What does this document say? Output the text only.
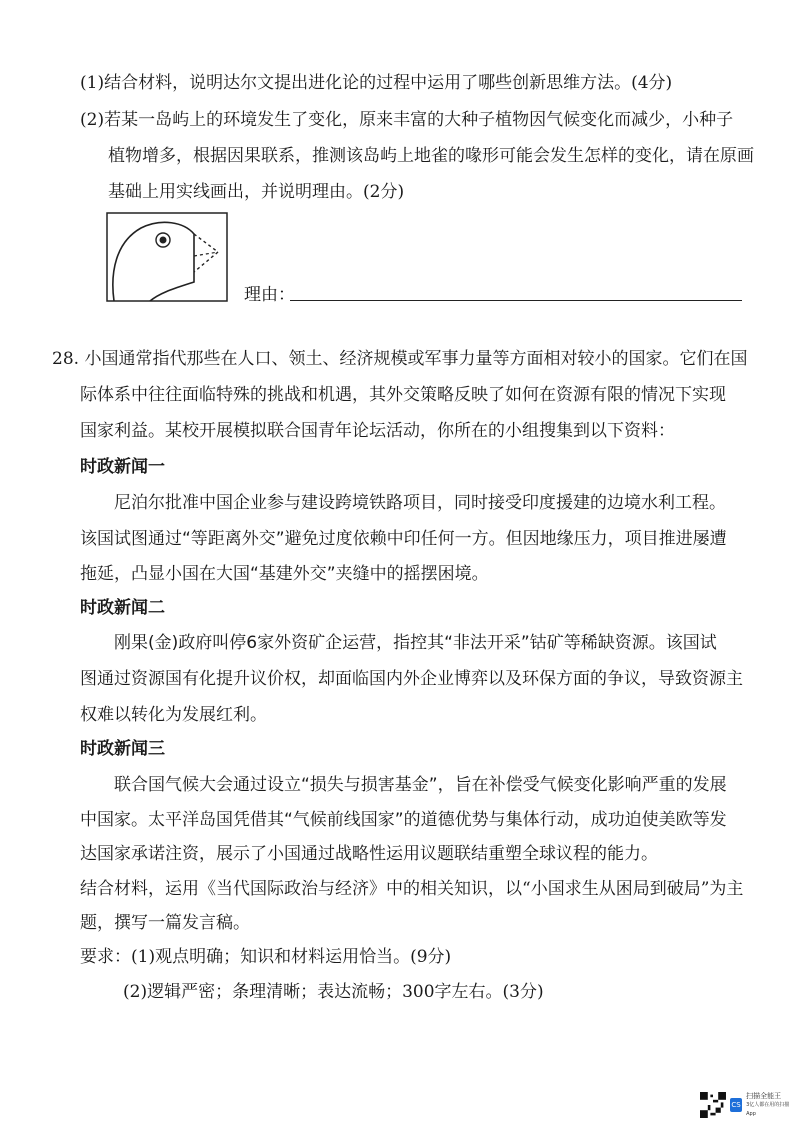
(1)结合材料，说明达尔文提出进化论的过程中运用了哪些创新思维方法。(4分)
(2)若某一岛屿上的环境发生了变化，原来丰富的大种子植物因气候变化而减少，小种子
植物增多，根据因果联系，推测该岛屿上地雀的喙形可能会发生怎样的变化，请在原画
基础上用实线画出，并说明理由。(2分)
理由：
28. 小国通常指代那些在人口、领土、经济规模或军事力量等方面相对较小的国家。它们在国
际体系中往往面临特殊的挑战和机遇，其外交策略反映了如何在资源有限的情况下实现
国家利益。某校开展模拟联合国青年论坛活动，你所在的小组搜集到以下资料：
时政新闻一
尼泊尔批准中国企业参与建设跨境铁路项目，同时接受印度援建的边境水利工程。
该国试图通过“等距离外交”避免过度依赖中印任何一方。但因地缘压力，项目推进屡遭
拖延，凸显小国在大国“基建外交”夹缝中的摇摆困境。
时政新闻二
刚果(金)政府叫停6家外资矿企运营，指控其“非法开采”钴矿等稀缺资源。该国试
图通过资源国有化提升议价权，却面临国内外企业博弈以及环保方面的争议，导致资源主
权难以转化为发展红利。
时政新闻三
联合国气候大会通过设立“损失与损害基金”，旨在补偿受气候变化影响严重的发展
中国家。太平洋岛国凭借其“气候前线国家”的道德优势与集体行动，成功迫使美欧等发
达国家承诺注资，展示了小国通过战略性运用议题联结重塑全球议程的能力。
结合材料，运用《当代国际政治与经济》中的相关知识，以“小国求生从困局到破局”为主
题，撰写一篇发言稿。
要求：(1)观点明确；知识和材料运用恰当。(9分)
(2)逻辑严密；条理清晰；表达流畅；300字左右。(3分)
CS
扫描全能王
3亿人都在用的扫描App
